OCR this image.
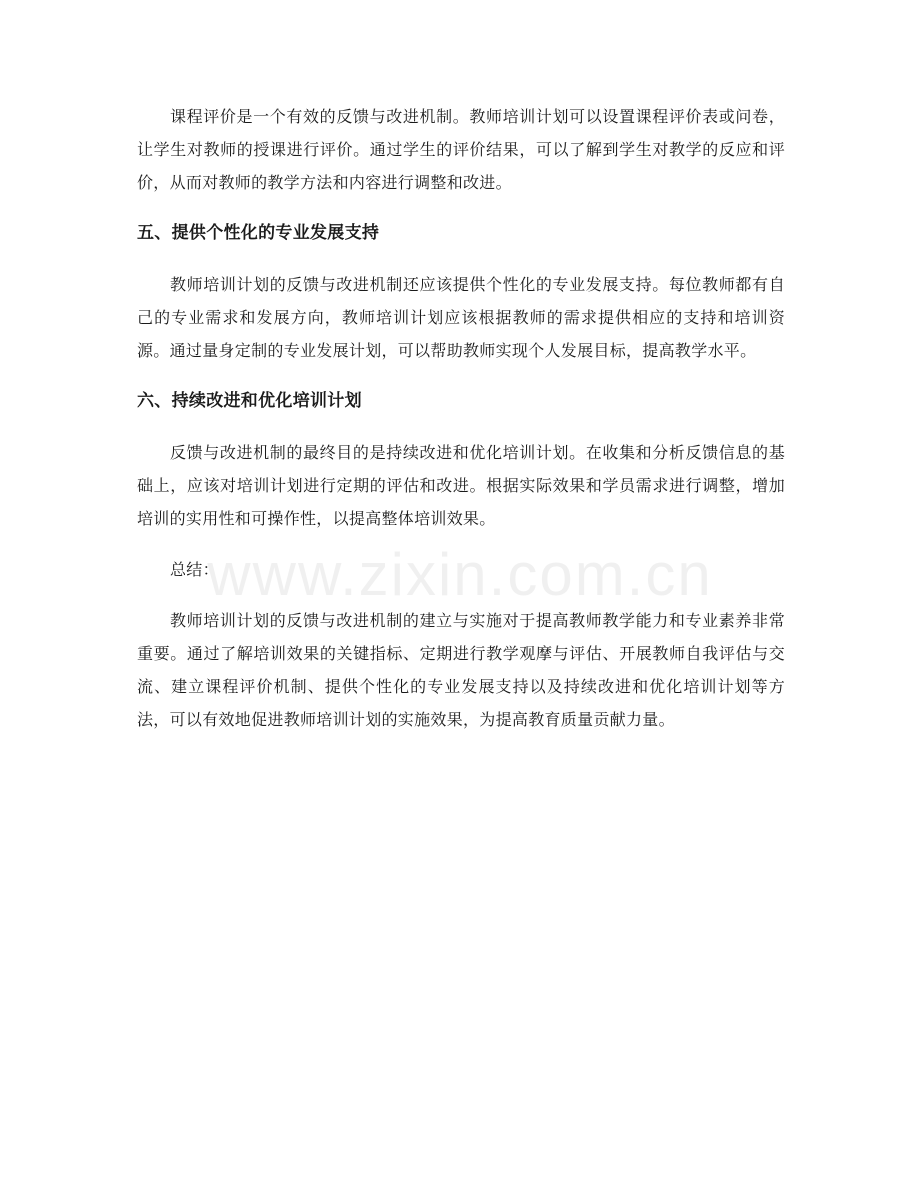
课程评价是一个有效的反馈与改进机制。教师培训计划可以设置课程评价表或问卷，让学生对教师的授课进行评价。通过学生的评价结果，可以了解到学生对教学的反应和评价，从而对教师的教学方法和内容进行调整和改进。

五、提供个性化的专业发展支持

教师培训计划的反馈与改进机制还应该提供个性化的专业发展支持。每位教师都有自己的专业需求和发展方向，教师培训计划应该根据教师的需求提供相应的支持和培训资源。通过量身定制的专业发展计划，可以帮助教师实现个人发展目标，提高教学水平。

六、持续改进和优化培训计划

反馈与改进机制的最终目的是持续改进和优化培训计划。在收集和分析反馈信息的基础上，应该对培训计划进行定期的评估和改进。根据实际效果和学员需求进行调整，增加培训的实用性和可操作性，以提高整体培训效果。

总结：

教师培训计划的反馈与改进机制的建立与实施对于提高教师教学能力和专业素养非常重要。通过了解培训效果的关键指标、定期进行教学观摩与评估、开展教师自我评估与交流、建立课程评价机制、提供个性化的专业发展支持以及持续改进和优化培训计划等方法，可以有效地促进教师培训计划的实施效果，为提高教育质量贡献力量。

www.zixin.com.cn
